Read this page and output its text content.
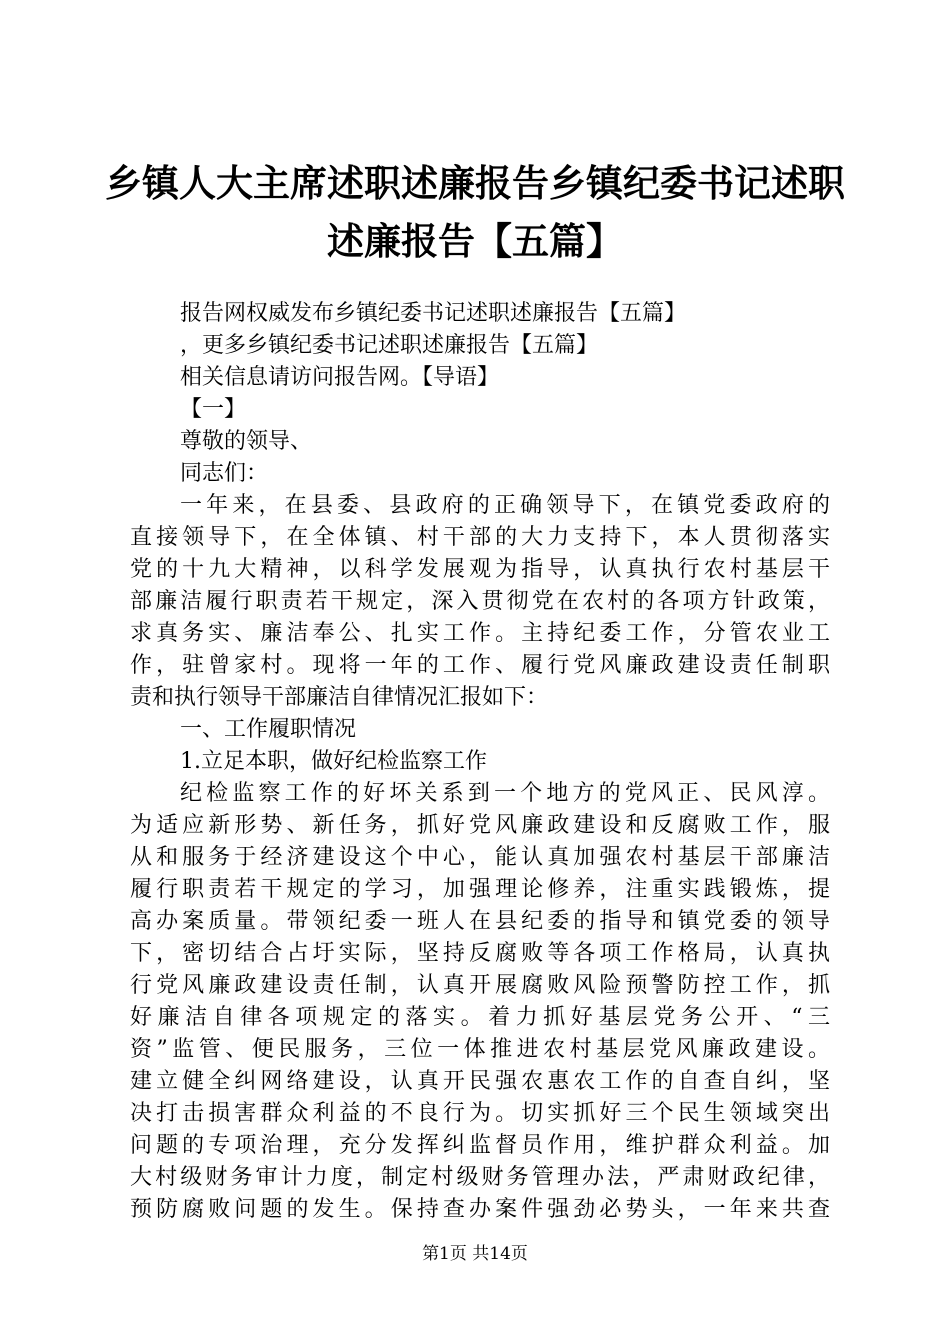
乡镇人大主席述职述廉报告乡镇纪委书记述职
述廉报告【五篇】
报告网权威发布乡镇纪委书记述职述廉报告【五篇】
，更多乡镇纪委书记述职述廉报告【五篇】
相关信息请访问报告网。【导语】
【一】
尊敬的领导、
同志们：
一年来，在县委、县政府的正确领导下，在镇党委政府的
直接领导下，在全体镇、村干部的大力支持下，本人贯彻落实
党的十九大精神，以科学发展观为指导，认真执行农村基层干
部廉洁履行职责若干规定，深入贯彻党在农村的各项方针政策，
求真务实、廉洁奉公、扎实工作。主持纪委工作，分管农业工
作，驻曾家村。现将一年的工作、履行党风廉政建设责任制职
责和执行领导干部廉洁自律情况汇报如下：
一、工作履职情况
1.立足本职，做好纪检监察工作
纪检监察工作的好坏关系到一个地方的党风正、民风淳。
为适应新形势、新任务，抓好党风廉政建设和反腐败工作，服
从和服务于经济建设这个中心，能认真加强农村基层干部廉洁
履行职责若干规定的学习，加强理论修养，注重实践锻炼，提
高办案质量。带领纪委一班人在县纪委的指导和镇党委的领导
下，密切结合占圩实际，坚持反腐败等各项工作格局，认真执
行党风廉政建设责任制，认真开展腐败风险预警防控工作，抓
好廉洁自律各项规定的落实。着力抓好基层党务公开、“三
资”监管、便民服务，三位一体推进农村基层党风廉政建设。
建立健全纠网络建设，认真开民强农惠农工作的自查自纠，坚
决打击损害群众利益的不良行为。切实抓好三个民生领域突出
问题的专项治理，充分发挥纠监督员作用，维护群众利益。加
大村级财务审计力度，制定村级财务管理办法，严肃财政纪律，
预防腐败问题的发生。保持查办案件强劲必势头，一年来共查
第1页 共14页
